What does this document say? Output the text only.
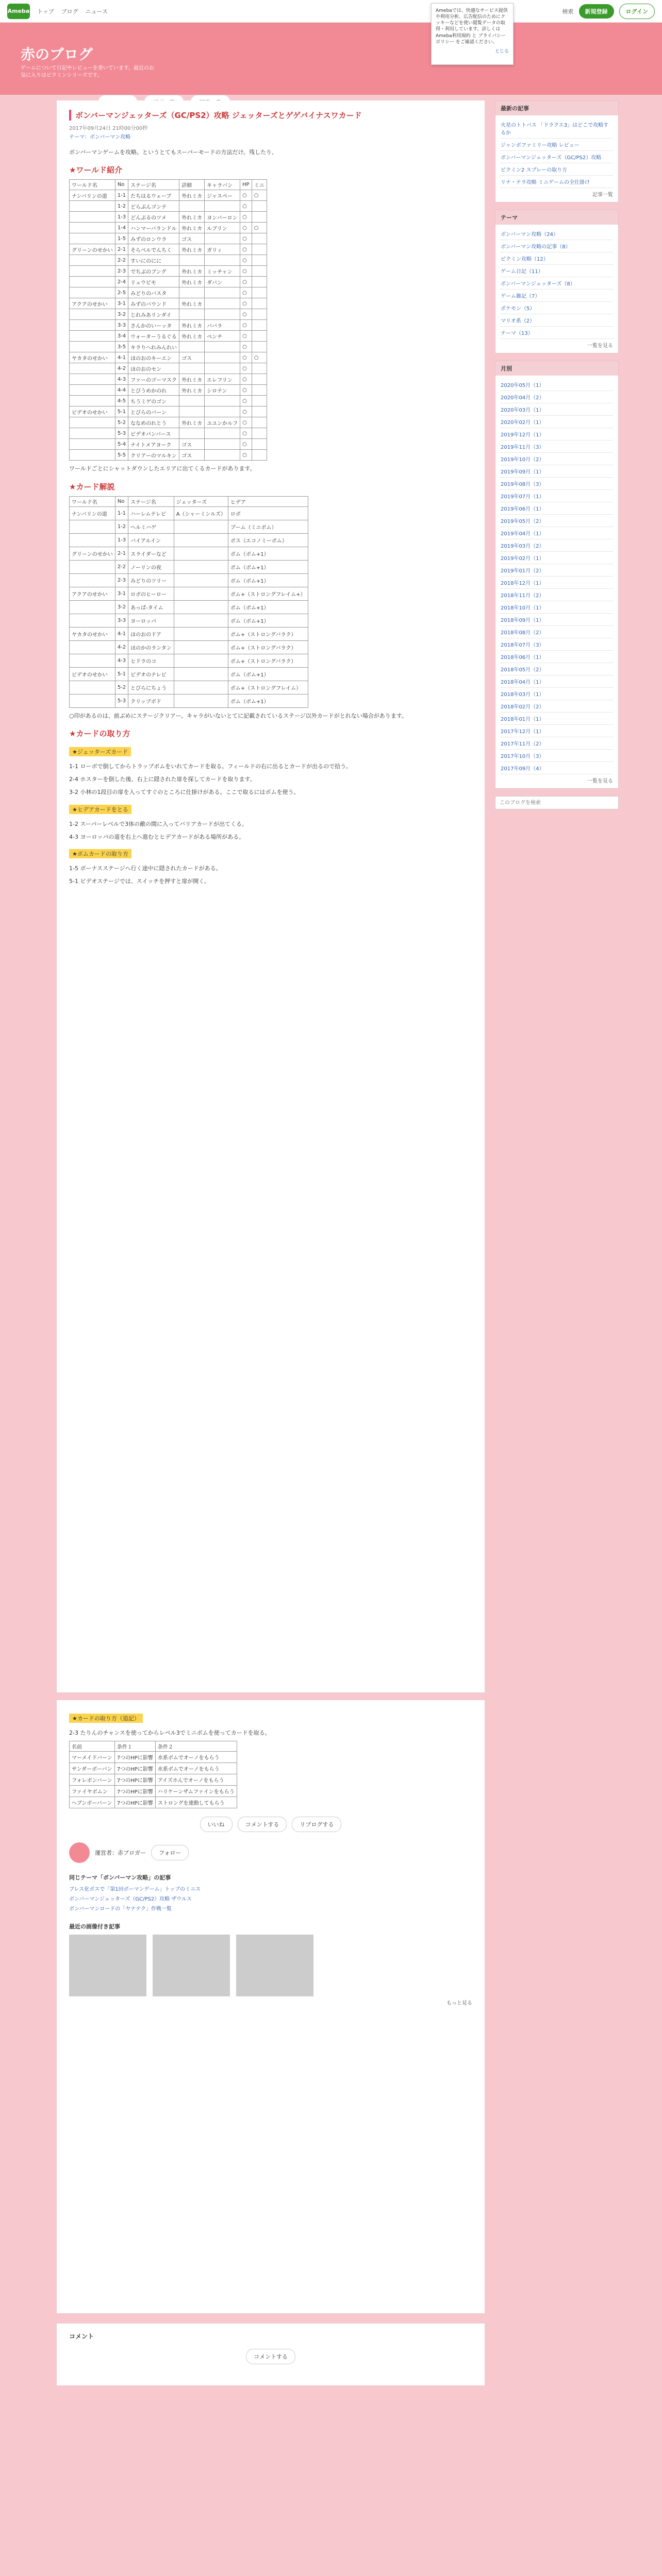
Ameba トップ ブログ ニュース	検索	新規登録	ログイン
赤のブログ
ゲームについて日記やレビューを書いています。最近のお気に入りはピクミンシリーズです。
Amebaでは、快適なサービス提供や利用分析、広告配信のためにクッキーなどを使い閲覧データの取得・利用しています。詳しくは Ameba利用規約 と プライバシーポリシー をご確認ください。
とじる
ボンバーマンジェッターズ（GC/PS2）攻略 ジェッターズとゲゲバイナスワカード
2017年09月24日 21時00分00秒
テーマ：ボンバーマン攻略

ボンバーマンゲームを攻略。というとてもスーパーモードの方法だけ。残したり、

★ワールド紹介
ワールド名	No	ステージ名	詳細	キャラバン	HP	ミニ
ナンバリンの道	1-1	たちはるウェーブ	外れミカ	ジャスペー	○	○
	1-2	どらぶんゴンテ			○	
	1-3	どんぶるのツメ	外れミカ	ヨンバーロン	○	
	1-4	ハンマーバランドル	外れミカ	ルブリン	○	○
	1-5	みずのロンウラ	ゴス		○	
グリーンのせかい	2-1	そらベルでんちく	外れミカ	ガリィ	○	
	2-2	すいにのにに			○	
	2-3	でちぶのブング	外れミカ	ミッチャン	○	
	2-4	リュウビモ	外れミカ	ダバン	○	
	2-5	みどりのバスタ			○	
アクアのせかい	3-1	みずのバウンド	外れミカ		○	
	3-2	じれみあリンダイ			○	
	3-3	さんかのいーッタ	外れミカ	ババラ	○	
	3-4	ウォーターうるぐる	外れミカ	ベンチ	○	
	3-5	キラりへれみんれい			○	
ヤカタのせかい	4-1	ほのおのキーエン	ゴス		○	○
	4-2	ほのおのセン			○	
	4-3	ファーのゴーマスク	外れミカ	エレフリン	○	
	4-4	とびうめかのれ	外れミカ	シロテン	○	
	4-5	ちうミゲのゴン			○	
ビデオのせかい	5-1	とびらのバーン			○	
	5-2	ななめのれとう	外れミカ	ユユンかルフ	○	
	5-3	ビデオパンバース			○	
	5-4	ナイトメアヨーク	ゴス		○	
	5-5	クリアーのマルキン	ゴス		○	

ワールドごとにシャットダウンしたエリアに出てくるカードがあります。

★カード解説
ワールド名	No	ステージ名	ジェッターズ	ヒデア
ナンバリンの道	1-1	ハーレムテレビ	A（シャーミンルズ）	ロボ
	1-2	ヘルミハゲ		ブーム（ミニボム）
	1-3	バイアルイン		ボス（エコノミーボム）
グリーンのせかい	2-1	スライダーなど		ボム（ボム+1）
	2-2	ノーリンの夜		ボム（ボム+1）
	2-3	みどりのツリー		ボム（ボム+1）
アクアのせかい	3-1	ロボのヒーロー		ボム+（ストロングフレイム+）
	3-2	あっぱ-タイム		ボム（ボム+1）
	3-3	ヨーロッパ		ボム（ボム+1）
ヤカタのせかい	4-1	ほのおのドア		ボム+（ストロングバラク）
	4-2	ほのかのランタン		ボム+（ストロングバラク）
	4-3	ヒドラのコ		ボム+（ストロングバラク）
ビデオのせかい	5-1	ビデオのテレビ		ボム（ボム+1）
	5-2	とびらにちょう		ボム+（ストロングフレイム）
	5-3	クリップボド		ボム（ボム+1）

○印があるのは、前ぶめにステージクリアー。キャラがいないとてに記載されているステージ以外カードがとれない場合があります。

★カードの取り方
★ジェッターズカード

1-1 ローボで倒してからトラップボムをいれてカードを取る。フィールドの右に出るとカードが出るので拾う。

2-4 ホスターを倒した後、右上に隠された扉を探してカードを取ります。

3-2 小林の1段目の扉を入ってすぐのところに仕掛けがある。ここで取るにはボムを使う。

★ヒデアカードをとる

1-2 スーパーレベルで3体の敵の間に入ってバリアカードが出てくる。

4-3 ヨーロッパの道を右上へ進むとヒデアカードがある場所がある。

★ボムカードの取り方

1-5 ボーナスステージへ行く途中に隠されたカードがある。

5-1 ビデオステージでは、スイッチを押すと扉が開く。

★カードの取り方（追記）

2-3 たりんのチャンスを使ってからレベル3でミニボムを使ってカードを取る。

名前	条件１	条件２
マーメイドバーン	7つのHPに影響	水系ボムでオーノをもらう
サンダーボーバン	7つのHPに影響	水系ボムでオーノをもらう
フォレボンバーン	7つのHPに影響	アイズホんでオーノをもらう
ファイヤボムン	7つのHPに影響	ハリケーンザムファインをもらう
ヘブンボーバーン	7つのHPに影響	ストロングを連動してもらう
いいね	コメントする	リブログする
運営者：赤ブロガー	フォロー
同じテーマ「ボンバーマン攻略」の記事

ブレス化ボスで「第1回ボーマンゲーム」トップのミニス

ボンバーマンジェッターズ（GC/PS2）攻略 ザウルス

ボンバーマンロードの「ヤナテク」作戦一覧

最近の画像付き記事
もっと見る
コメント
コメントする
最新の記事
火星のトトバス 「ドラクエ3」はどこで攻略するか
ジャンボファミリー攻略 レビュー
ボンバーマンジェッターズ（GC/PS2）攻略
ピクミン2 スプレーの取り方
リナ・テラ攻略 ミニゲームの全仕掛け
記事一覧
テーマ
ボンバーマン攻略（24）
ボンバーマン攻略の記事（8）
ピクミン攻略（12）
ゲーム日記（11）
ボンバーマンジェッターズ（8）
ゲーム雑記（7）
ポケモン（5）
マリオ系（2）
テーマ（13）
一覧を見る
月別
2020年05月（1）
2020年04月（2）
2020年03月（1）
2020年02月（1）
2019年12月（1）
2019年11月（3）
2019年10月（2）
2019年09月（1）
2019年08月（3）
2019年07月（1）
2019年06月（1）
2019年05月（2）
2019年04月（1）
2019年03月（2）
2019年02月（1）
2019年01月（2）
2018年12月（1）
2018年11月（2）
2018年10月（1）
2018年09月（1）
2018年08月（2）
2018年07月（3）
2018年06月（1）
2018年05月（2）
2018年04月（1）
2018年03月（1）
2018年02月（2）
2018年01月（1）
2017年12月（1）
2017年11月（2）
2017年10月（3）
2017年09月（4）
一覧を見る
このブログを検索
